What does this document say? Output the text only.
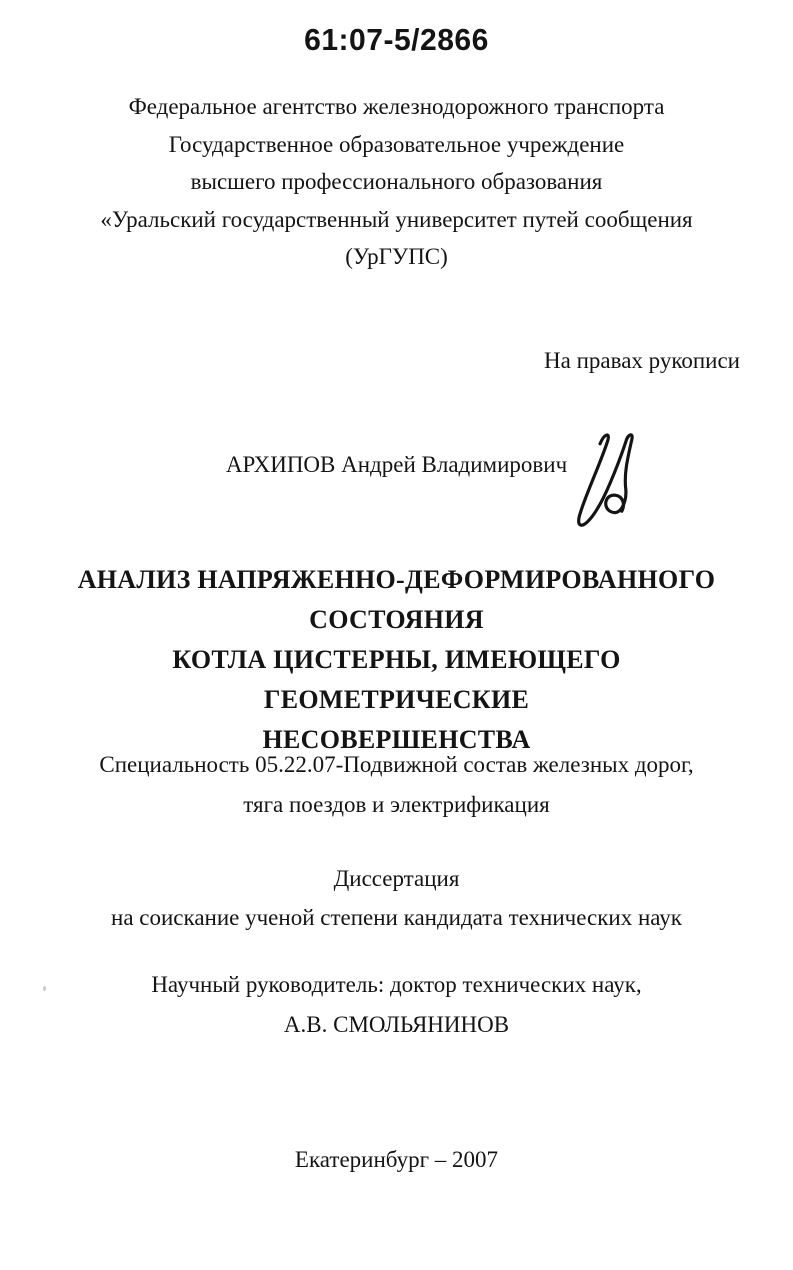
61:07-5/2866
Федеральное агентство железнодорожного транспорта
Государственное образовательное учреждение
высшего профессионального образования
«Уральский государственный университет путей сообщения
(УрГУПС)
На правах рукописи
АРХИПОВ Андрей Владимирович
АНАЛИЗ НАПРЯЖЕННО-ДЕФОРМИРОВАННОГО СОСТОЯНИЯ
КОТЛА ЦИСТЕРНЫ, ИМЕЮЩЕГО ГЕОМЕТРИЧЕСКИЕ
НЕСОВЕРШЕНСТВА
Специальность 05.22.07-Подвижной состав железных дорог,
тяга поездов и электрификация
Диссертация
на соискание ученой степени кандидата технических наук
Научный руководитель: доктор технических наук,
А.В. СМОЛЬЯНИНОВ
Екатеринбург – 2007
